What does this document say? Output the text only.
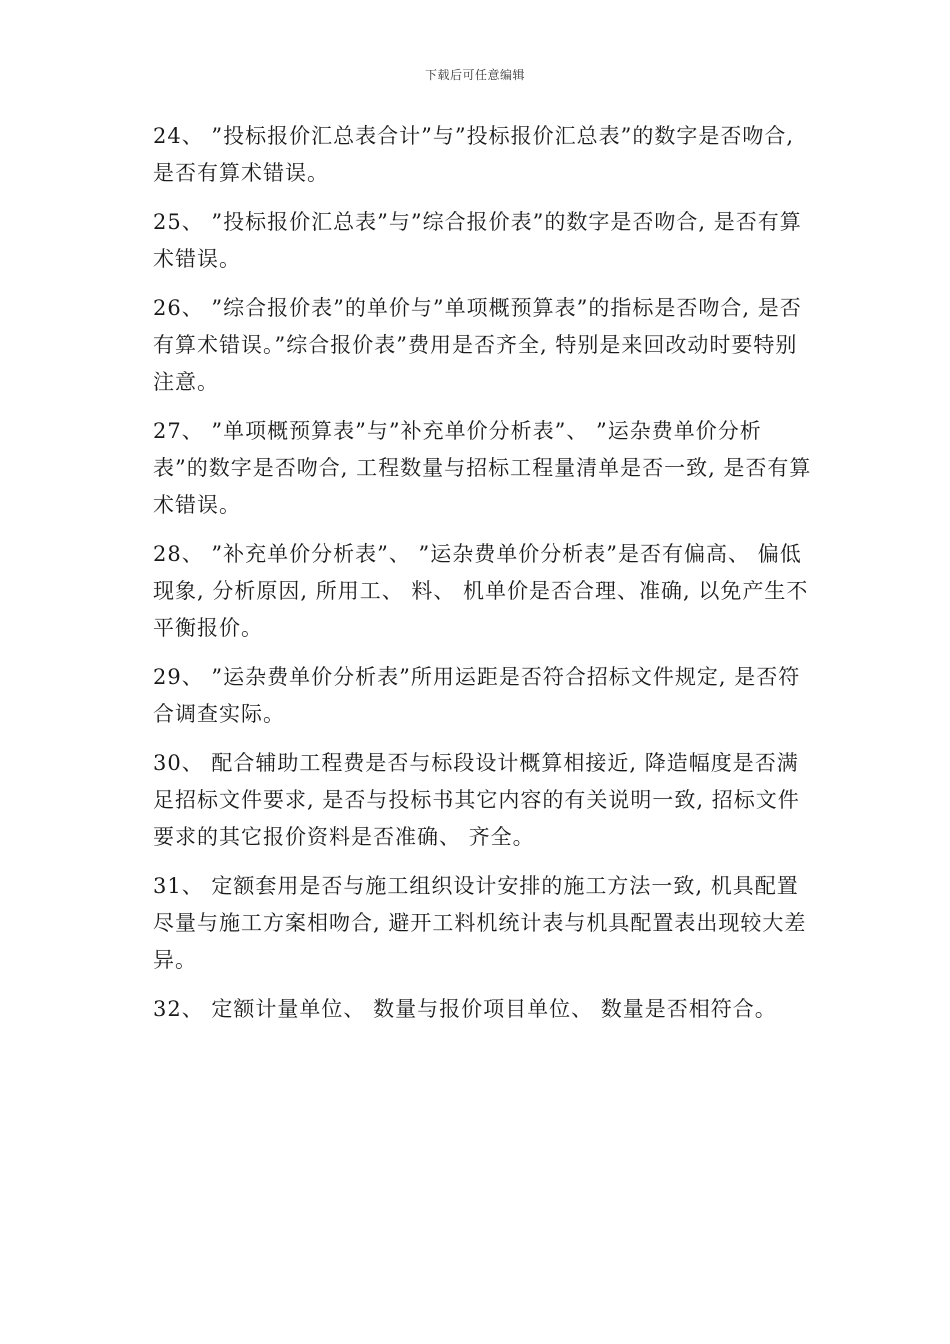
下载后可任意编辑

24、 ”投标报价汇总表合计”与”投标报价汇总表”的数字是否吻合, 是否有算术错误。

25、 ”投标报价汇总表”与”综合报价表”的数字是否吻合, 是否有算术错误。

26、 ”综合报价表”的单价与”单项概预算表”的指标是否吻合, 是否有算术错误。”综合报价表”费用是否齐全, 特别是来回改动时要特别注意。

27、 ”单项概预算表”与”补充单价分析表”、 ”运杂费单价分析表”的数字是否吻合, 工程数量与招标工程量清单是否一致, 是否有算术错误。

28、 ”补充单价分析表”、 ”运杂费单价分析表”是否有偏高、 偏低现象, 分析原因, 所用工、 料、 机单价是否合理、准确, 以免产生不平衡报价。

29、 ”运杂费单价分析表”所用运距是否符合招标文件规定, 是否符合调查实际。

30、 配合辅助工程费是否与标段设计概算相接近, 降造幅度是否满足招标文件要求, 是否与投标书其它内容的有关说明一致, 招标文件要求的其它报价资料是否准确、 齐全。

31、 定额套用是否与施工组织设计安排的施工方法一致, 机具配置尽量与施工方案相吻合, 避开工料机统计表与机具配置表出现较大差异。

32、 定额计量单位、 数量与报价项目单位、 数量是否相符合。
